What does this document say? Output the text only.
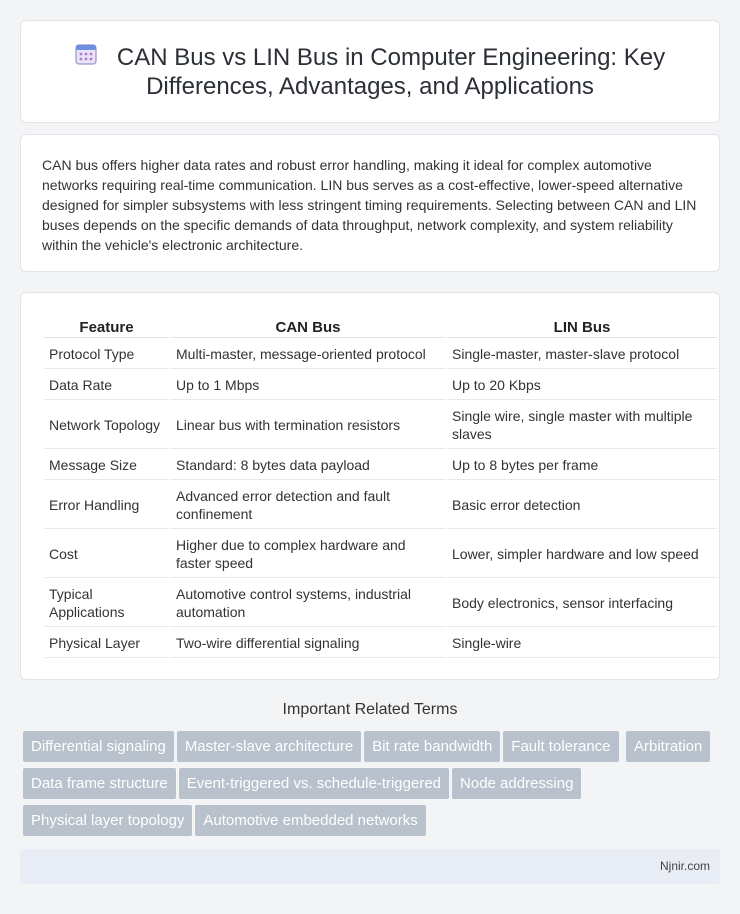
CAN Bus vs LIN Bus in Computer Engineering: Key Differences, Advantages, and Applications

CAN bus offers higher data rates and robust error handling, making it ideal for complex automotive networks requiring real-time communication. LIN bus serves as a cost-effective, lower-speed alternative designed for simpler subsystems with less stringent timing requirements. Selecting between CAN and LIN buses depends on the specific demands of data throughput, network complexity, and system reliability within the vehicle's electronic architecture.

Feature	CAN Bus	LIN Bus
Protocol Type	Multi-master, message-oriented protocol	Single-master, master-slave protocol
Data Rate	Up to 1 Mbps	Up to 20 Kbps
Network Topology	Linear bus with termination resistors	Single wire, single master with multiple slaves
Message Size	Standard: 8 bytes data payload	Up to 8 bytes per frame
Error Handling	Advanced error detection and fault confinement	Basic error detection
Cost	Higher due to complex hardware and faster speed	Lower, simpler hardware and low speed
Typical Applications	Automotive control systems, industrial automation	Body electronics, sensor interfacing
Physical Layer	Two-wire differential signaling	Single-wire
Important Related Terms
Differential signaling Master-slave architecture Bit rate bandwidth Fault tolerance ArbitrationData frame structure Event-triggered vs. schedule-triggered Node addressing Physical layer topology Automotive embedded networks
Njnir.com
